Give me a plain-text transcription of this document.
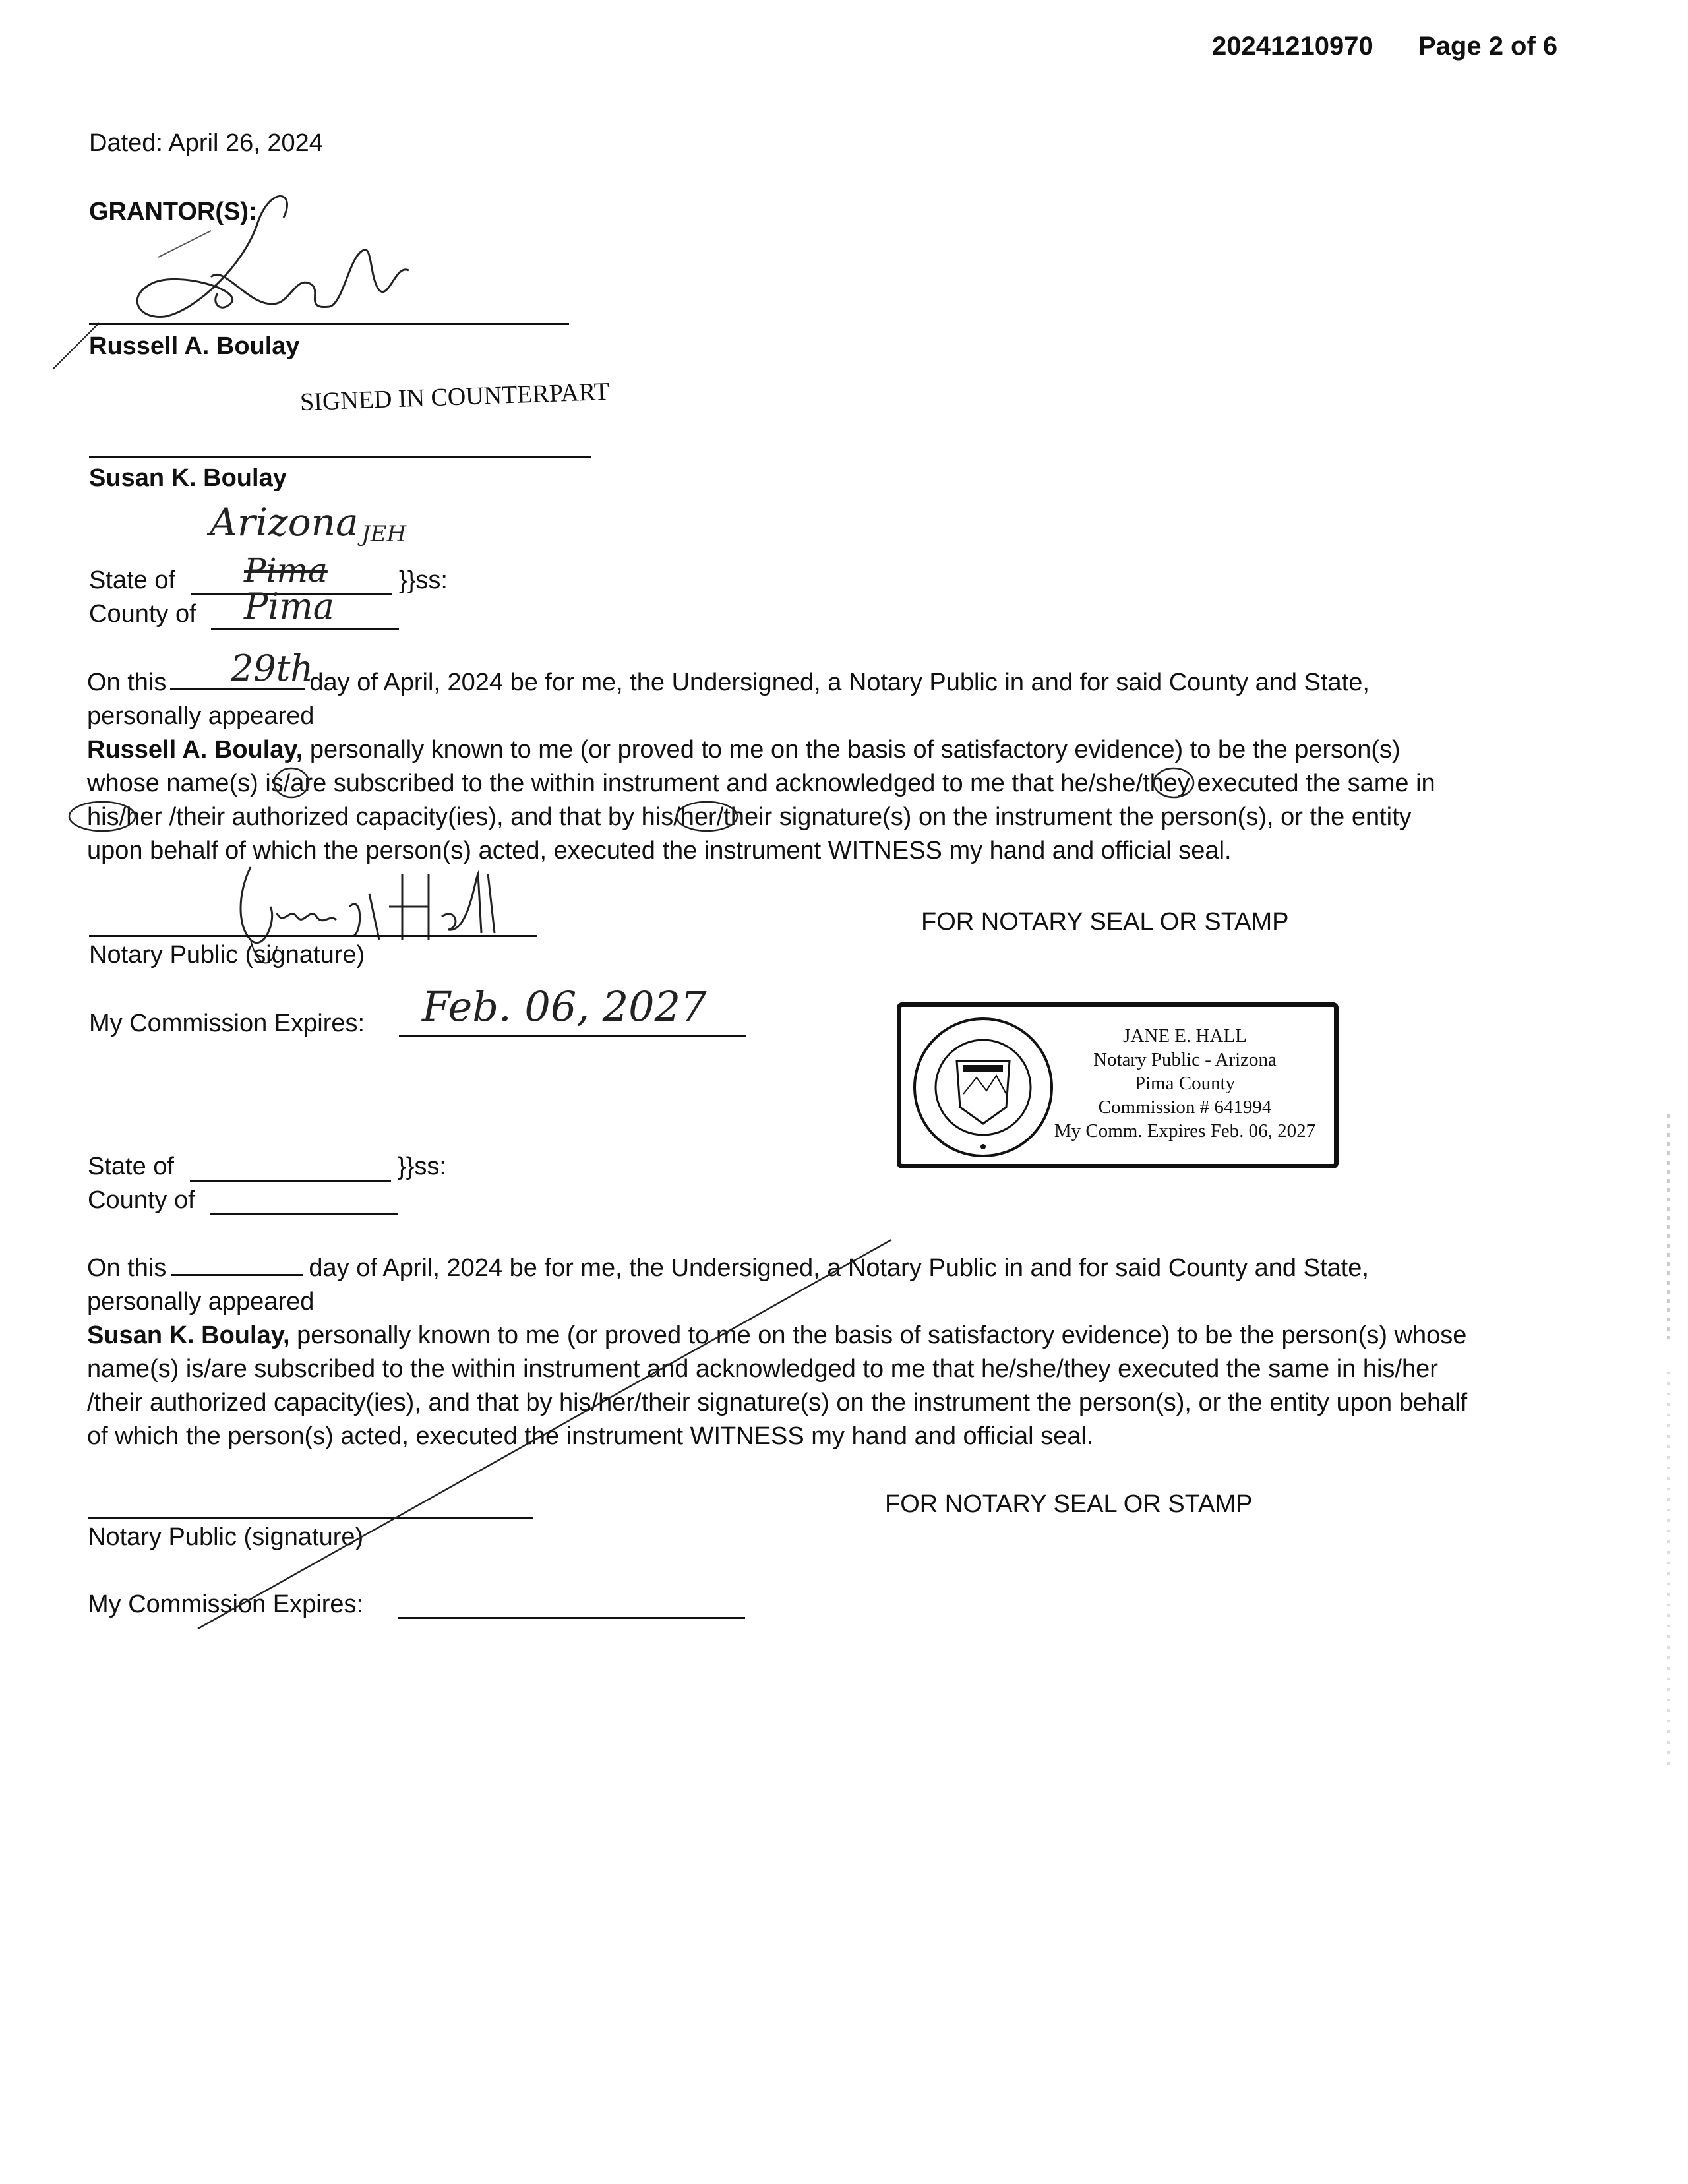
20241210970 Page 2 of 6
Dated: April 26, 2024
GRANTOR(S):
Russell A. Boulay
SIGNED IN COUNTERPART
Susan K. Boulay
Arizona JEH
State of Pima	}}ss:
County of Pima
29th

On this	day of April, 2024 be for me, the Undersigned, a Notary Public in and for said County and State,

personally appeared

Russell A. Boulay, personally known to me (or proved to me on the basis of satisfactory evidence) to be the person(s)

whose name(s) is/are subscribed to the within instrument and acknowledged to me that he/she/they executed the same in

his/her /their authorized capacity(ies), and that by his/her/their signature(s) on the instrument the person(s), or the entity

upon behalf of which the person(s) acted, executed the instrument WITNESS my hand and official seal.

Notary Public (signature)
FOR NOTARY SEAL OR STAMP
My Commission Expires: Feb. 06, 2027
JANE E. HALL
Notary Public - Arizona
Pima County
Commission # 641994
My Comm. Expires Feb. 06, 2027
State of	}}ss:
County of

On this	day of April, 2024 be for me, the Undersigned, a Notary Public in and for said County and State,

personally appeared

Susan K. Boulay, personally known to me (or proved to me on the basis of satisfactory evidence) to be the person(s) whose

name(s) is/are subscribed to the within instrument and acknowledged to me that he/she/they executed the same in his/her

/their authorized capacity(ies), and that by his/her/their signature(s) on the instrument the person(s), or the entity upon behalf

of which the person(s) acted, executed the instrument WITNESS my hand and official seal.

Notary Public (signature)
FOR NOTARY SEAL OR STAMP
My Commission Expires:
